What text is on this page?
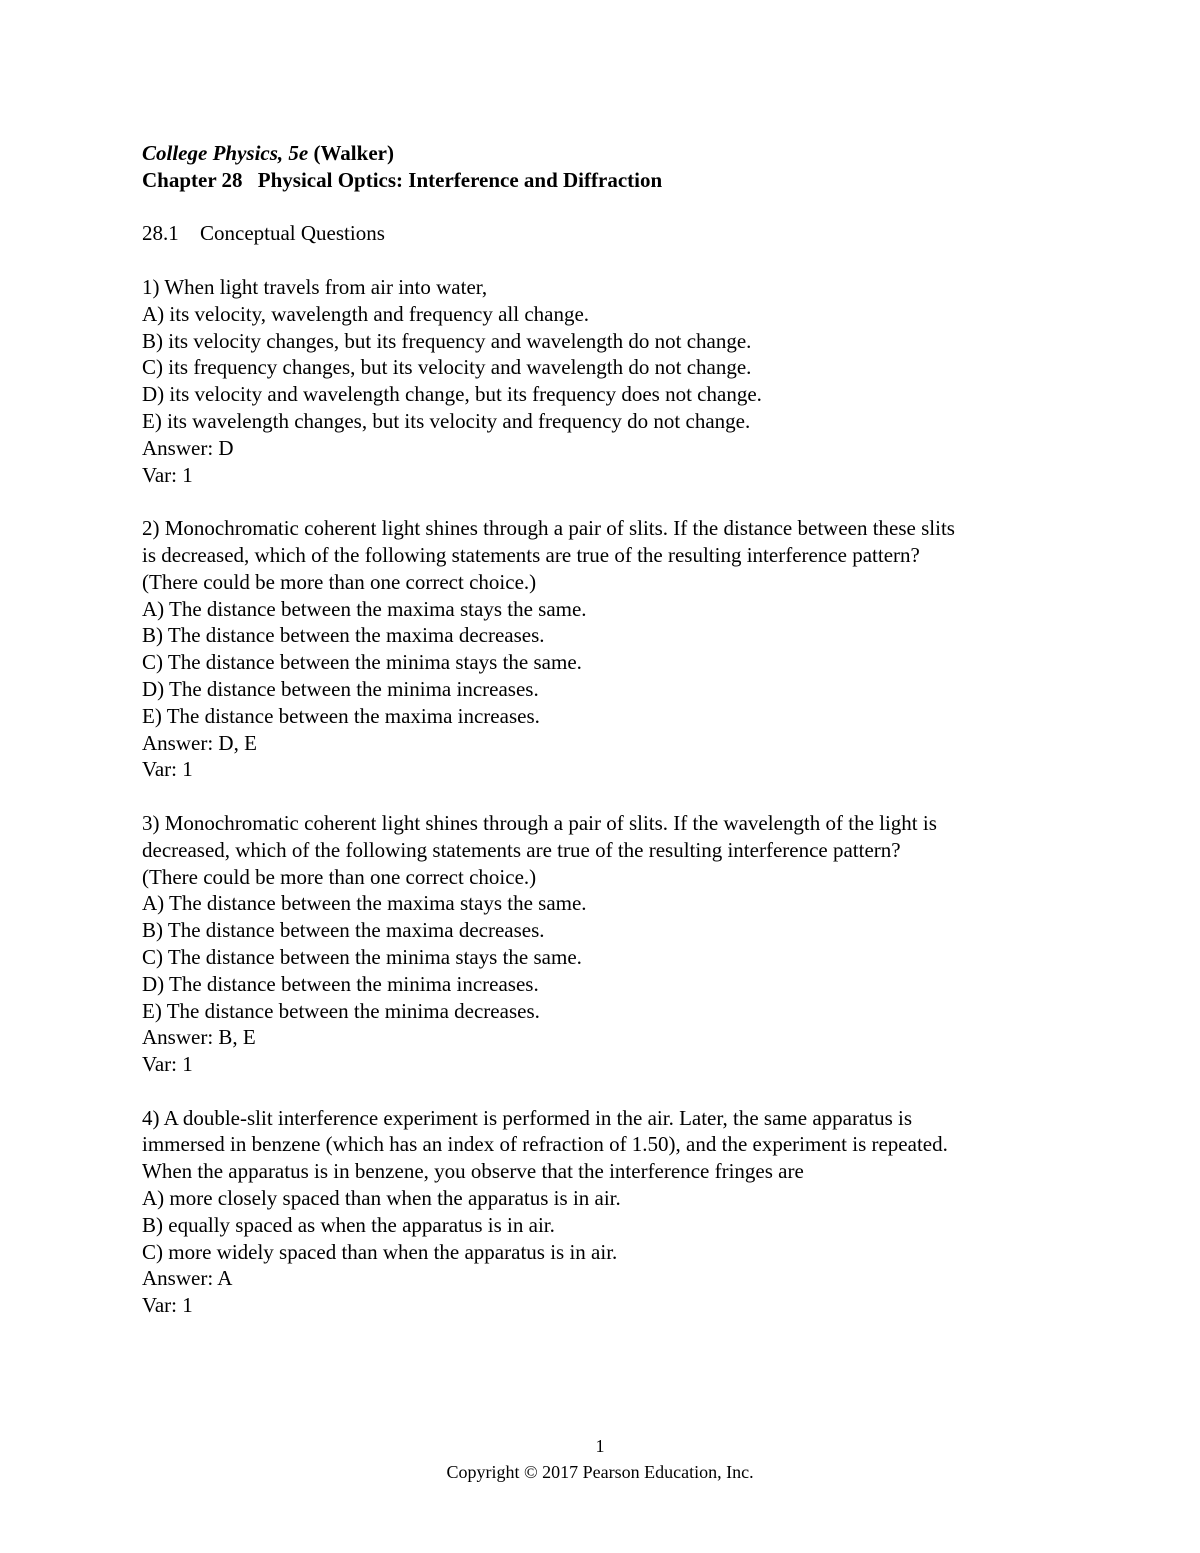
College Physics, 5e (Walker)
Chapter 28 Physical Optics: Interference and Diffraction
28.1 Conceptual Questions
1) When light travels from air into water,
A) its velocity, wavelength and frequency all change.
B) its velocity changes, but its frequency and wavelength do not change.
C) its frequency changes, but its velocity and wavelength do not change.
D) its velocity and wavelength change, but its frequency does not change.
E) its wavelength changes, but its velocity and frequency do not change.
Answer: D
Var: 1
2) Monochromatic coherent light shines through a pair of slits. If the distance between these slits
is decreased, which of the following statements are true of the resulting interference pattern?
(There could be more than one correct choice.)
A) The distance between the maxima stays the same.
B) The distance between the maxima decreases.
C) The distance between the minima stays the same.
D) The distance between the minima increases.
E) The distance between the maxima increases.
Answer: D, E
Var: 1
3) Monochromatic coherent light shines through a pair of slits. If the wavelength of the light is
decreased, which of the following statements are true of the resulting interference pattern?
(There could be more than one correct choice.)
A) The distance between the maxima stays the same.
B) The distance between the maxima decreases.
C) The distance between the minima stays the same.
D) The distance between the minima increases.
E) The distance between the minima decreases.
Answer: B, E
Var: 1
4) A double-slit interference experiment is performed in the air. Later, the same apparatus is
immersed in benzene (which has an index of refraction of 1.50), and the experiment is repeated.
When the apparatus is in benzene, you observe that the interference fringes are
A) more closely spaced than when the apparatus is in air.
B) equally spaced as when the apparatus is in air.
C) more widely spaced than when the apparatus is in air.
Answer: A
Var: 1
1
Copyright © 2017 Pearson Education, Inc.
